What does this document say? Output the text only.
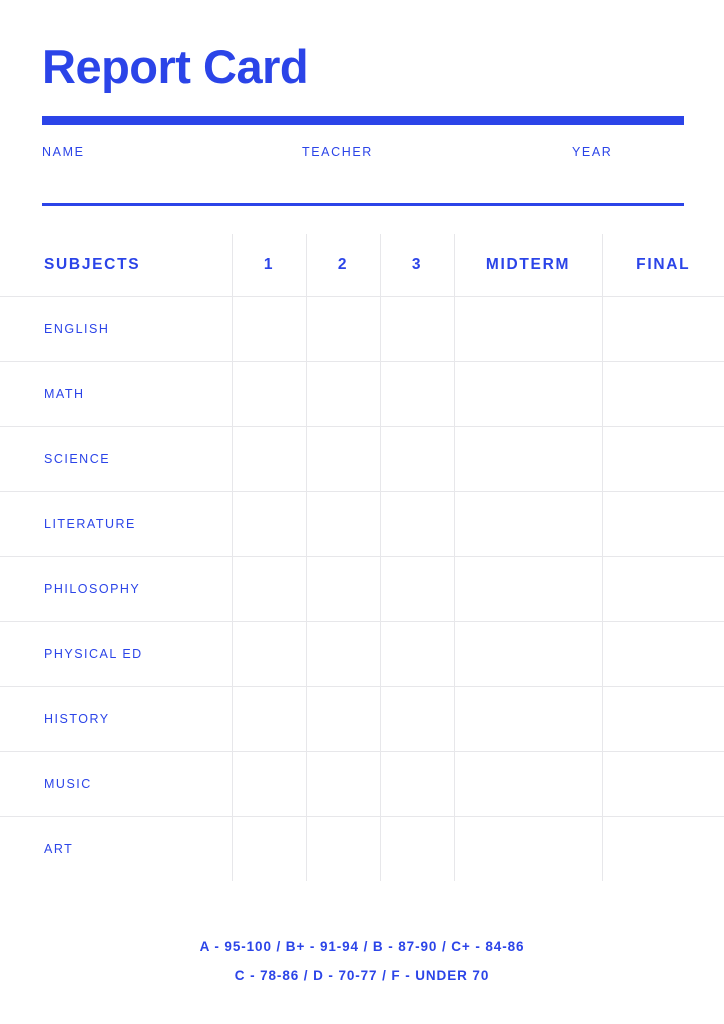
Report Card
NAME	TEACHER	YEAR
SUBJECTS	1	2	3	MIDTERM	FINAL
ENGLISH					
MATH					
SCIENCE					
LITERATURE					
PHILOSOPHY					
PHYSICAL ED					
HISTORY					
MUSIC					
ART					
A - 95-100 / B+ - 91-94 / B - 87-90 / C+ - 84-86
C - 78-86 / D - 70-77 / F - UNDER 70
